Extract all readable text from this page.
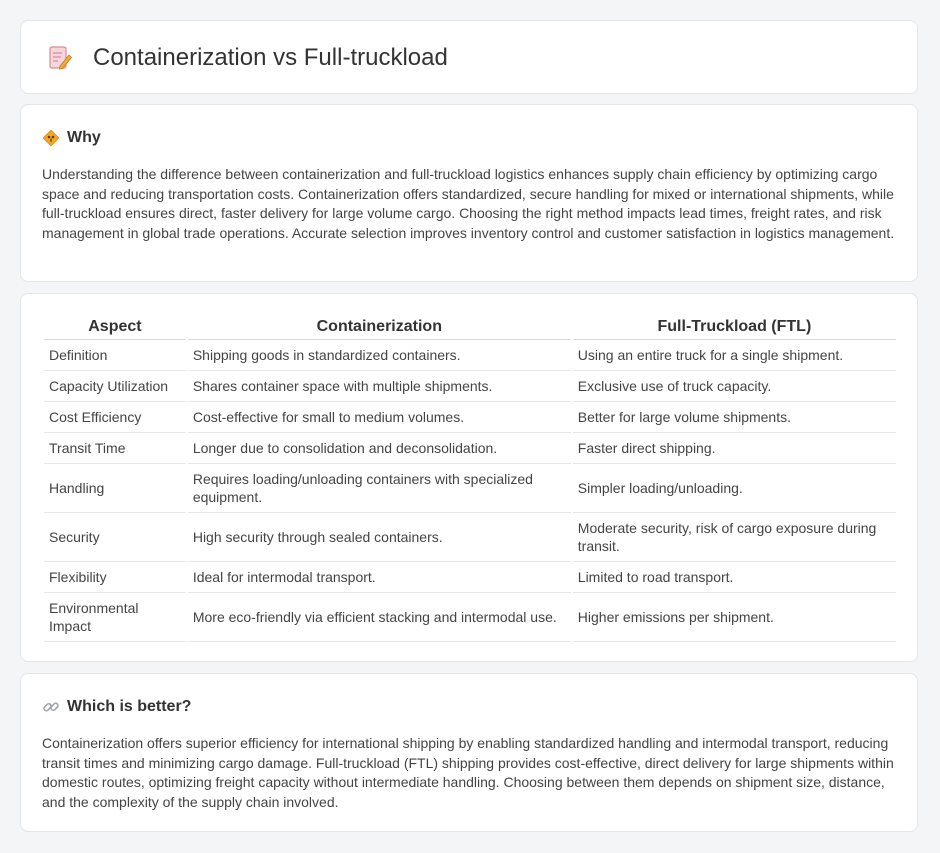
Containerization vs Full-truckload
Why

Understanding the difference between containerization and full-truckload logistics enhances supply chain efficiency by optimizing cargo space and reducing transportation costs. Containerization offers standardized, secure handling for mixed or international shipments, while full-truckload ensures direct, faster delivery for large volume cargo. Choosing the right method impacts lead times, freight rates, and risk management in global trade operations. Accurate selection improves inventory control and customer satisfaction in logistics management.

Aspect	Containerization	Full-Truckload (FTL)
Definition	Shipping goods in standardized containers.	Using an entire truck for a single shipment.
Capacity Utilization	Shares container space with multiple shipments.	Exclusive use of truck capacity.
Cost Efficiency	Cost-effective for small to medium volumes.	Better for large volume shipments.
Transit Time	Longer due to consolidation and deconsolidation.	Faster direct shipping.
Handling	Requires loading/unloading containers with specialized equipment.	Simpler loading/unloading.
Security	High security through sealed containers.	Moderate security, risk of cargo exposure during transit.
Flexibility	Ideal for intermodal transport.	Limited to road transport.
Environmental Impact	More eco-friendly via efficient stacking and intermodal use.	Higher emissions per shipment.
Which is better?

Containerization offers superior efficiency for international shipping by enabling standardized handling and intermodal transport, reducing transit times and minimizing cargo damage. Full-truckload (FTL) shipping provides cost-effective, direct delivery for large shipments within domestic routes, optimizing freight capacity without intermediate handling. Choosing between them depends on shipment size, distance, and the complexity of the supply chain involved.
